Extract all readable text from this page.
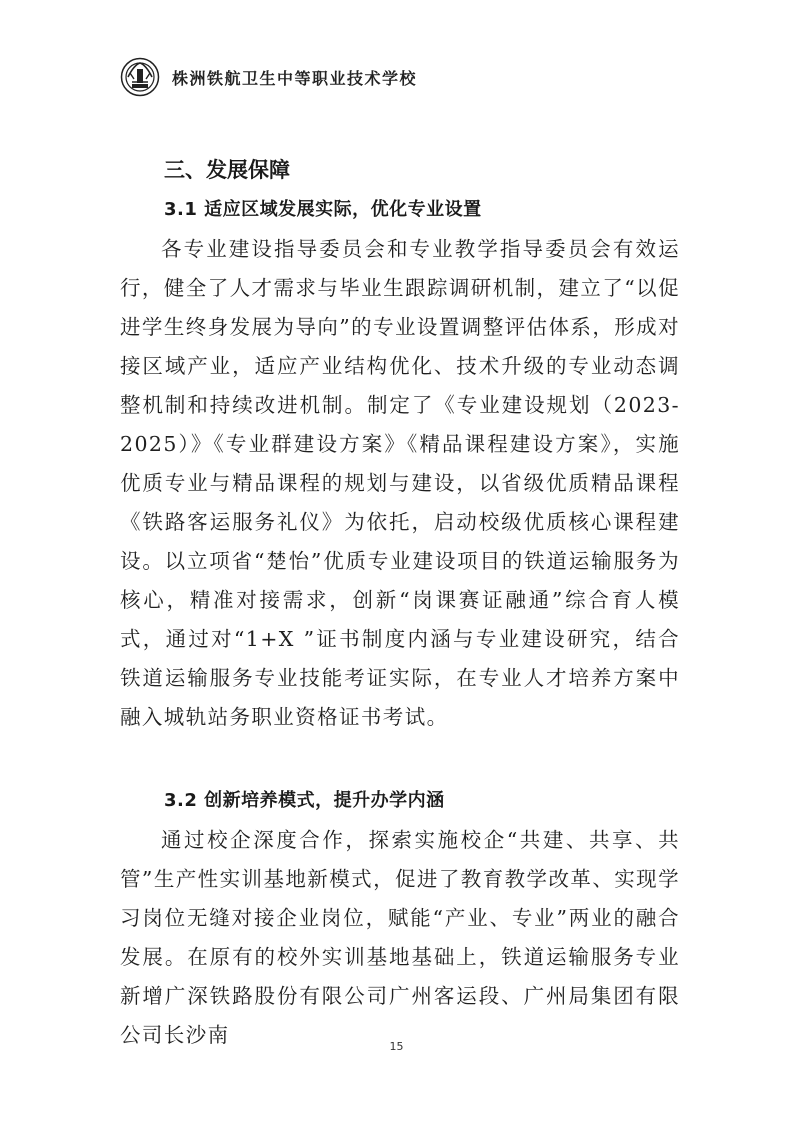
株洲铁航卫生中等职业技术学校
三、发展保障
3.1 适应区域发展实际，优化专业设置

各专业建设指导委员会和专业教学指导委员会有效运行，健全了人才需求与毕业生跟踪调研机制，建立了“以促进学生终身发展为导向”的专业设置调整评估体系，形成对接区域产业，适应产业结构优化、技术升级的专业动态调整机制和持续改进机制。制定了《专业建设规划（2023-2025）》《专业群建设方案》《精品课程建设方案》，实施优质专业与精品课程的规划与建设，以省级优质精品课程《铁路客运服务礼仪》为依托，启动校级优质核心课程建设。以立项省“楚怡”优质专业建设项目的铁道运输服务为核心，精准对接需求，创新“岗课赛证融通”综合育人模式，通过对“1+X ”证书制度内涵与专业建设研究，结合铁道运输服务专业技能考证实际，在专业人才培养方案中融入城轨站务职业资格证书考试。

3.2 创新培养模式，提升办学内涵

通过校企深度合作，探索实施校企“共建、共享、共管”生产性实训基地新模式，促进了教育教学改革、实现学习岗位无缝对接企业岗位，赋能“产业、专业”两业的融合发展。在原有的校外实训基地基础上，铁道运输服务专业新增广深铁路股份有限公司广州客运段、广州局集团有限公司长沙南	15
